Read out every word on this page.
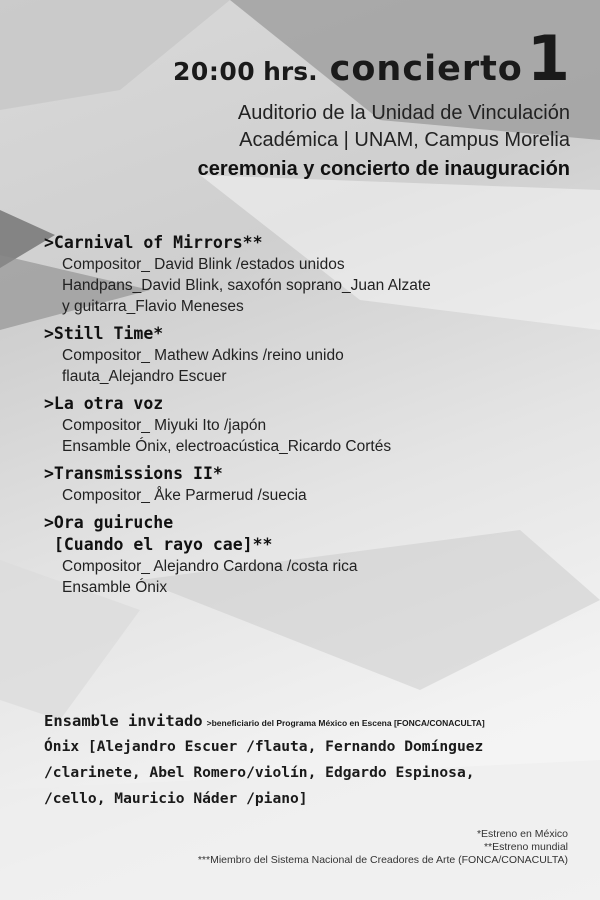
20:00 hrs. concierto 1
Auditorio de la Unidad de Vinculación
Académica | UNAM, Campus Morelia
ceremonia y concierto de inauguración
>Carnival of Mirrors**
Compositor_ David Blink /estados unidos
Handpans_David Blink, saxofón soprano_Juan Alzate
y guitarra_Flavio Meneses
>Still Time*
Compositor_ Mathew Adkins /reino unido
flauta_Alejandro Escuer
>La otra voz
Compositor_ Miyuki Ito /japón
Ensamble Ónix, electroacústica_Ricardo Cortés
>Transmissions II*
Compositor_ Åke Parmerud /suecia
>Ora guiruche
[Cuando el rayo cae]**
Compositor_ Alejandro Cardona /costa rica
Ensamble Ónix
Ensamble invitado >beneficiario del Programa México en Escena [FONCA/CONACULTA]
Ónix [Alejandro Escuer /flauta, Fernando Domínguez
/clarinete, Abel Romero/violín, Edgardo Espinosa,
/cello, Mauricio Náder /piano]
*Estreno en México
**Estreno mundial
***Miembro del Sistema Nacional de Creadores de Arte (FONCA/CONACULTA)
